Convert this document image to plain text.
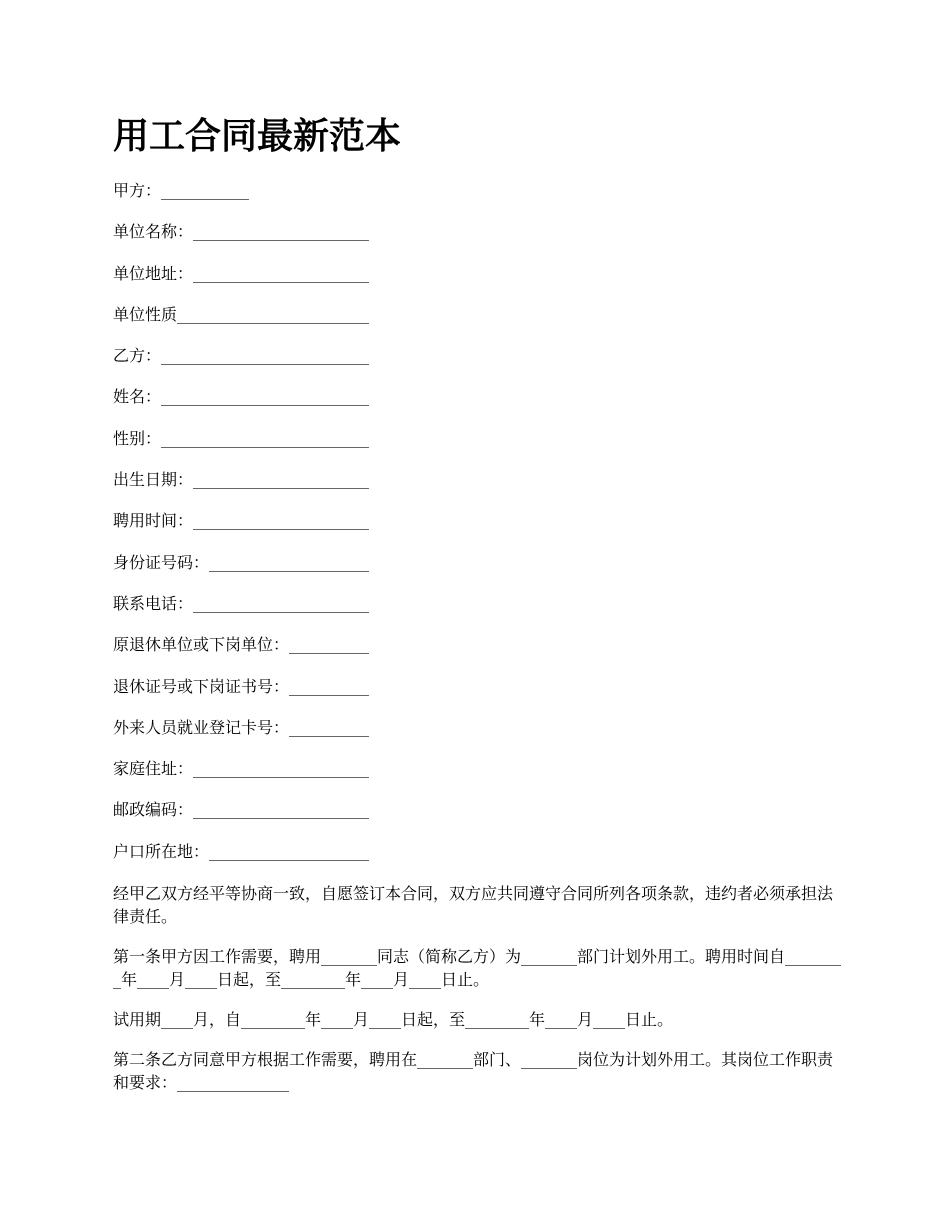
用工合同最新范本
甲方：___________
单位名称：______________________
单位地址：______________________
单位性质________________________
乙方：__________________________
姓名：__________________________
性别：__________________________
出生日期：______________________
聘用时间：______________________
身份证号码：____________________
联系电话：______________________
原退休单位或下岗单位：__________
退休证号或下岗证书号：__________
外来人员就业登记卡号：__________
家庭住址：______________________
邮政编码：______________________
户口所在地：____________________

经甲乙双方经平等协商一致，自愿签订本合同，双方应共同遵守合同所列各项条款，违约者必须承担法律责任。

第一条甲方因工作需要，聘用_______同志（简称乙方）为_______部门计划外用工。聘用时间自________年____月____日起，至________年____月____日止。

试用期____月，自________年____月____日起，至________年____月____日止。

第二条乙方同意甲方根据工作需要，聘用在_______部门、_______岗位为计划外用工。其岗位工作职责和要求：______________
